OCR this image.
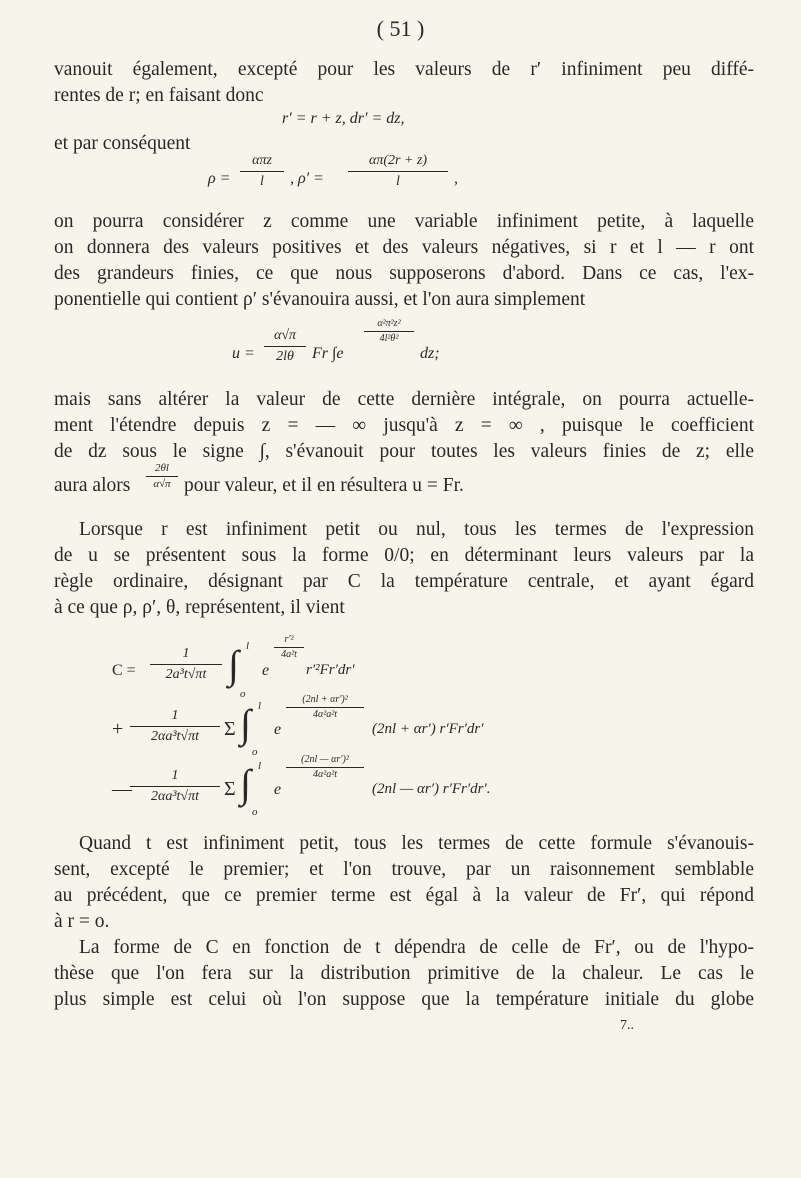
( 51 )
vanouit également, excepté pour les valeurs de r′ infiniment peu diffé-
rentes de r; en faisant donc
r′ = r + z, dr′ = dz,
et par conséquent
ρ =
απz
l	, ρ′ =
απ(2r + z)
l	,
on pourra considérer z comme une variable infiniment petite, à laquelle
on donnera des valeurs positives et des valeurs négatives, si r et l — r ont
des grandeurs finies, ce que nous supposerons d'abord. Dans ce cas, l'ex-
ponentielle qui contient ρ′ s'évanouira aussi, et l'on aura simplement
u =
α√π
2lθ	Fr ∫e
α²π²z²
4l²θ²
dz;
mais sans altérer la valeur de cette dernière intégrale, on pourra actuelle-
ment l'étendre depuis z = — ∞ jusqu'à z = ∞ , puisque le coefficient
de dz sous le signe ∫, s'évanouit pour toutes les valeurs finies de z; elle
aura alors
2θl
α√π pour valeur, et il en résultera u = Fr.
Lorsque r est infiniment petit ou nul, tous les termes de l'expression
de u se présentent sous la forme 0/0; en déterminant leurs valeurs par la
règle ordinaire, désignant par C la température centrale, et ayant égard
à ce que ρ, ρ′, θ, représentent, il vient
C =
1
2a³t√πt ∫ l
o
e
r′²
4a²t
r′²Fr′dr′
+
1
2αa³t√πt	Σ ∫ l
o
e
(2nl + αr′)²
4α²a²t
(2nl + αr′) r′Fr′dr′
—
1
2αa³t√πt	Σ ∫ l
o
e
(2nl — αr′)²
4α²a²t
(2nl — αr′) r′Fr′dr′.
Quand t est infiniment petit, tous les termes de cette formule s'évanouis-
sent, excepté le premier; et l'on trouve, par un raisonnement semblable
au précédent, que ce premier terme est égal à la valeur de Fr′, qui répond
à r = o.
La forme de C en fonction de t dépendra de celle de Fr′, ou de l'hypo-
thèse que l'on fera sur la distribution primitive de la chaleur. Le cas le
plus simple est celui où l'on suppose que la température initiale du globe
7..
